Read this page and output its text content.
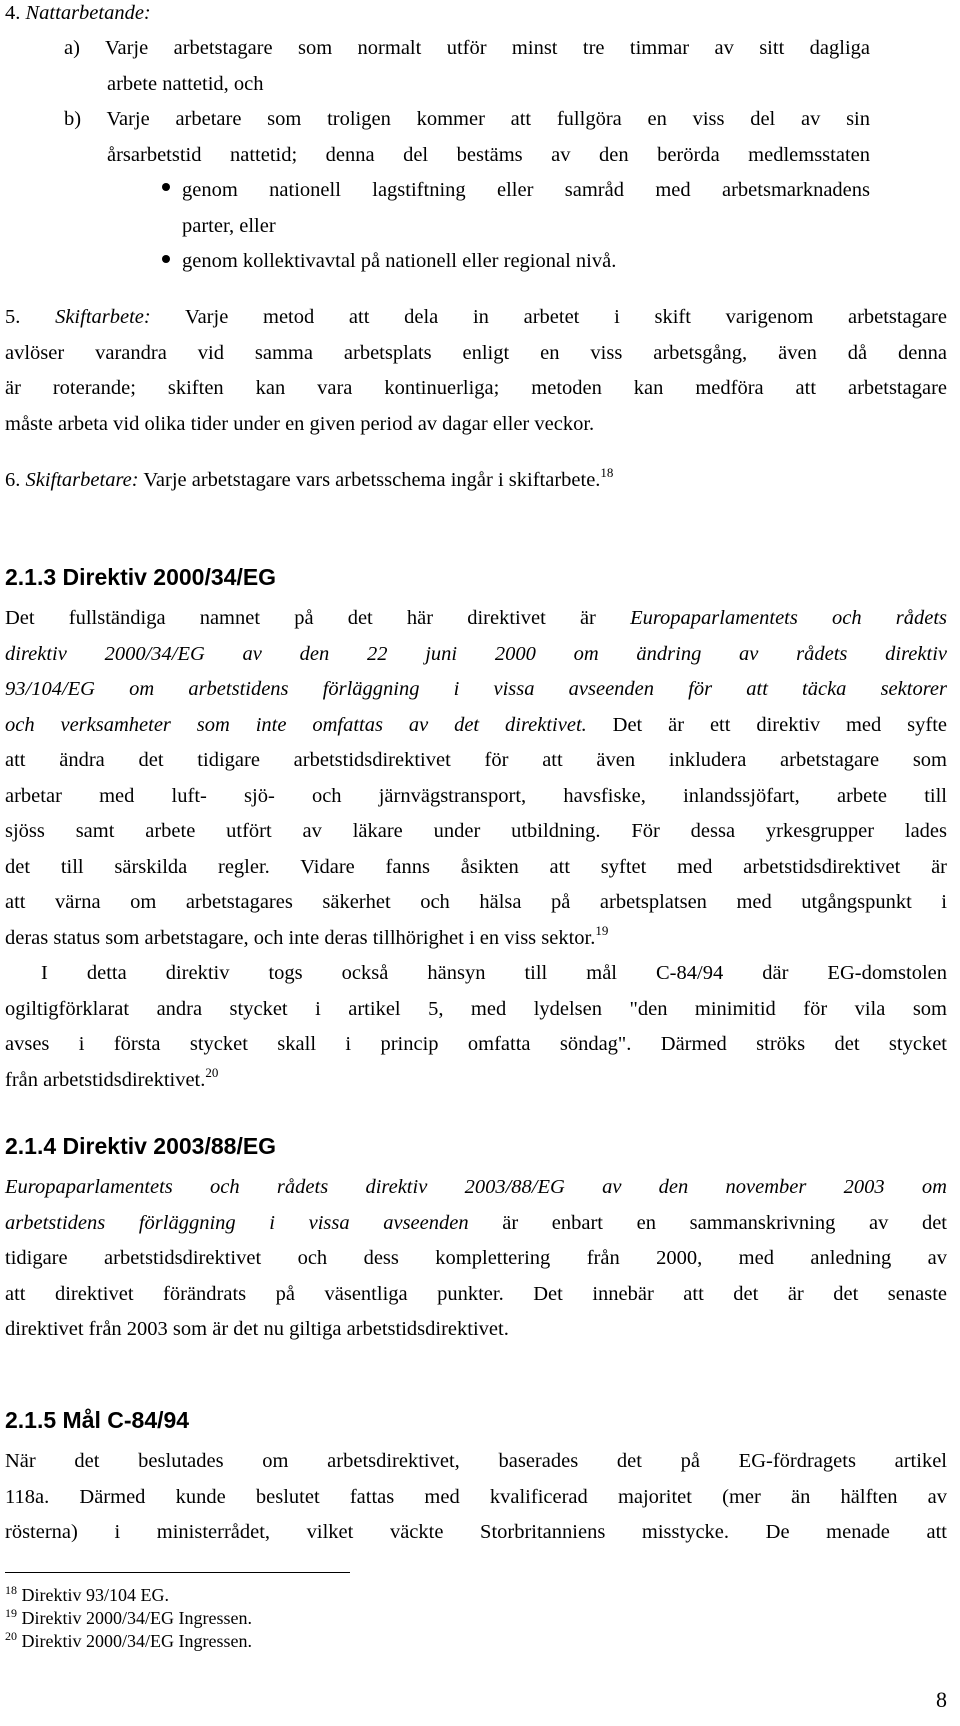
4. Nattarbetande:
a) Varje arbetstagare som normalt utför minst tre timmar av sitt dagliga
arbete nattetid, och
b) Varje arbetare som troligen kommer att fullgöra en viss del av sin
årsarbetstid nattetid; denna del bestäms av den berörda medlemsstaten
genom nationell lagstiftning eller samråd med arbetsmarknadens
parter, eller
genom kollektivavtal på nationell eller regional nivå.
5. Skiftarbete: Varje metod att dela in arbetet i skift varigenom arbetstagare
avlöser varandra vid samma arbetsplats enligt en viss arbetsgång, även då denna
är roterande; skiften kan vara kontinuerliga; metoden kan medföra att arbetstagare
måste arbeta vid olika tider under en given period av dagar eller veckor.
6. Skiftarbetare: Varje arbetstagare vars arbetsschema ingår i skiftarbete.$^{18}$
2.1.3 Direktiv 2000/34/EG
Det fullständiga namnet på det här direktivet är Europaparlamentets och rådets
direktiv 2000/34/EG av den 22 juni 2000 om ändring av rådets direktiv
93/104/EG om arbetstidens förläggning i vissa avseenden för att täcka sektorer
och verksamheter som inte omfattas av det direktivet. Det är ett direktiv med syfte
att ändra det tidigare arbetstidsdirektivet för att även inkludera arbetstagare som
arbetar med luft- sjö- och järnvägstransport, havsfiske, inlandssjöfart, arbete till
sjöss samt arbete utfört av läkare under utbildning. För dessa yrkesgrupper lades
det till särskilda regler. Vidare fanns åsikten att syftet med arbetstidsdirektivet är
att värna om arbetstagares säkerhet och hälsa på arbetsplatsen med utgångspunkt i
deras status som arbetstagare, och inte deras tillhörighet i en viss sektor.$^{19}$
I detta direktiv togs också hänsyn till mål C-84/94 där EG-domstolen
ogiltigförklarat andra stycket i artikel 5, med lydelsen "den minimitid för vila som
avses i första stycket skall i princip omfatta söndag". Därmed ströks det stycket
från arbetstidsdirektivet.$^{20}$
2.1.4 Direktiv 2003/88/EG
Europaparlamentets och rådets direktiv 2003/88/EG av den november 2003 om
arbetstidens förläggning i vissa avseenden är enbart en sammanskrivning av det
tidigare arbetstidsdirektivet och dess komplettering från 2000, med anledning av
att direktivet förändrats på väsentliga punkter. Det innebär att det är det senaste
direktivet från 2003 som är det nu giltiga arbetstidsdirektivet.
2.1.5 Mål C-84/94
När det beslutades om arbetsdirektivet, baserades det på EG-fördragets artikel
118a. Därmed kunde beslutet fattas med kvalificerad majoritet (mer än hälften av
rösterna) i ministerrådet, vilket väckte Storbritanniens misstycke. De menade att
$^{18}$ Direktiv 93/104 EG.
$^{19}$ Direktiv 2000/34/EG Ingressen.
$^{20}$ Direktiv 2000/34/EG Ingressen.
8
